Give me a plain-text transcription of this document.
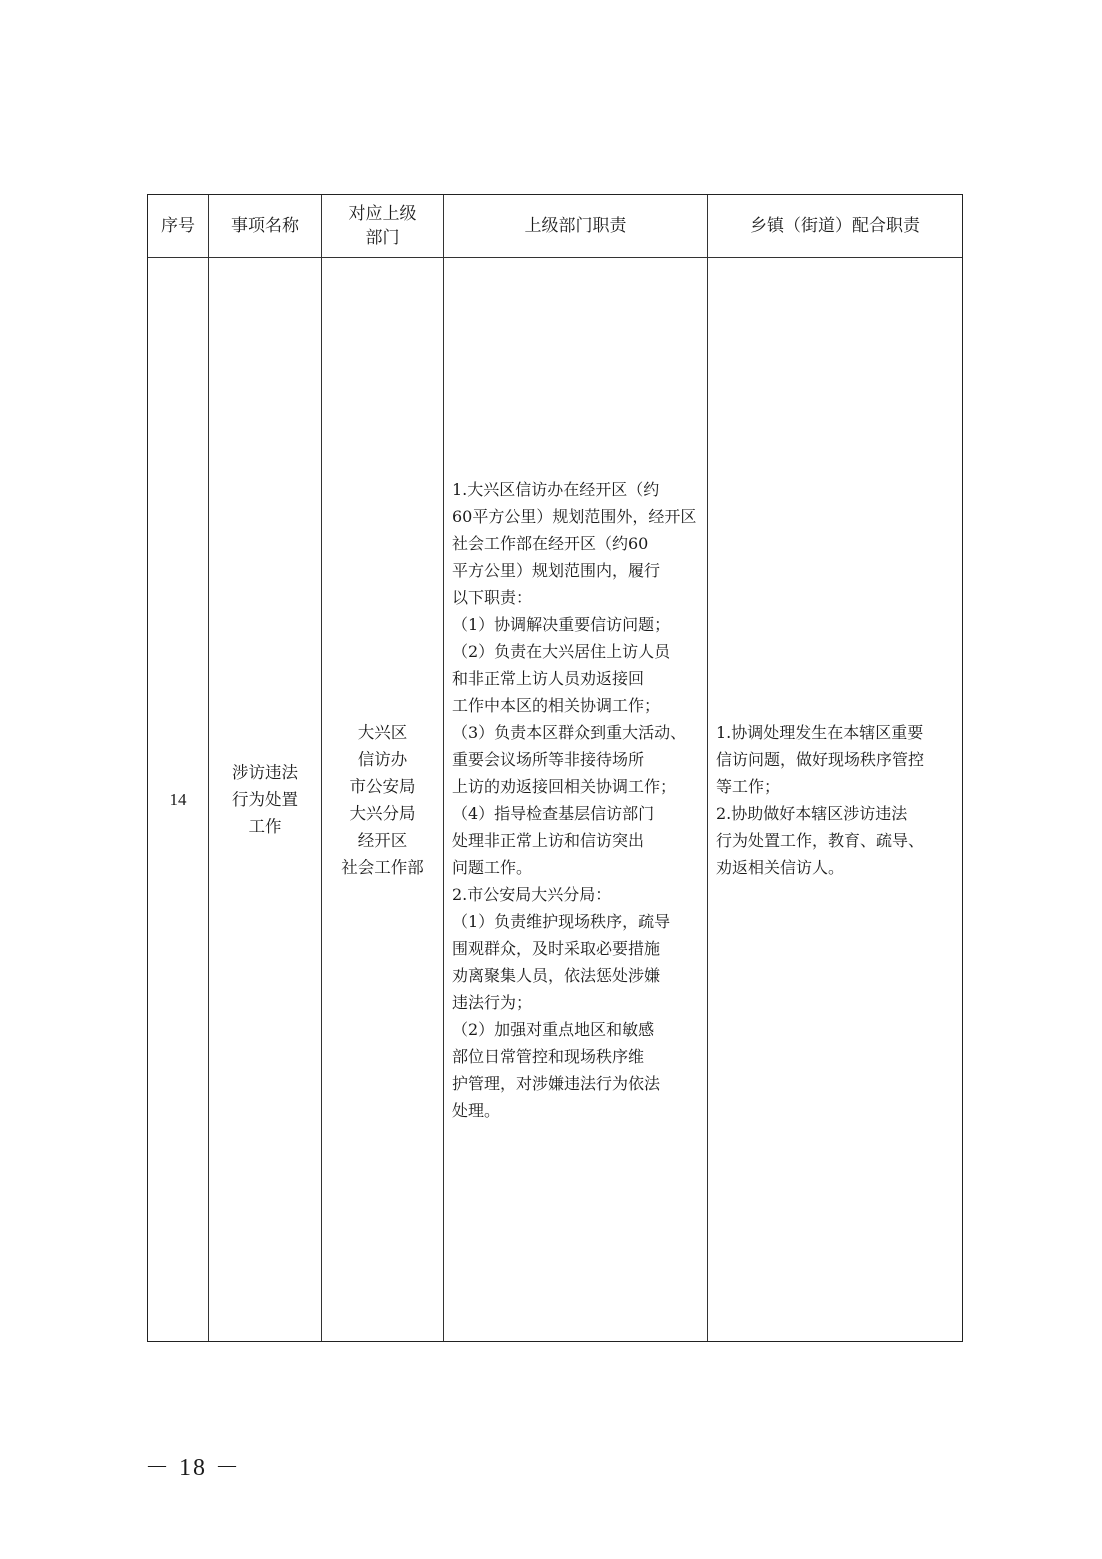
序号	事项名称
对应上级
部门
上级部门职责	乡镇（街道）配合职责
14
涉访违法
行为处置
工作
大兴区
信访办
市公安局
大兴分局
经开区
社会工作部
1.大兴区信访办在经开区（约
60平方公里）规划范围外，经开区
社会工作部在经开区（约60
平方公里）规划范围内，履行
以下职责：
（1）协调解决重要信访问题；
（2）负责在大兴居住上访人员
和非正常上访人员劝返接回
工作中本区的相关协调工作；
（3）负责本区群众到重大活动、
重要会议场所等非接待场所
上访的劝返接回相关协调工作；
（4）指导检查基层信访部门
处理非正常上访和信访突出
问题工作。
2.市公安局大兴分局：
（1）负责维护现场秩序，疏导
围观群众，及时采取必要措施
劝离聚集人员，依法惩处涉嫌
违法行为；
（2）加强对重点地区和敏感
部位日常管控和现场秩序维
护管理，对涉嫌违法行为依法
处理。
1.协调处理发生在本辖区重要
信访问题，做好现场秩序管控
等工作；
2.协助做好本辖区涉访违法
行为处置工作，教育、疏导、
劝返相关信访人。
－ 18 －
